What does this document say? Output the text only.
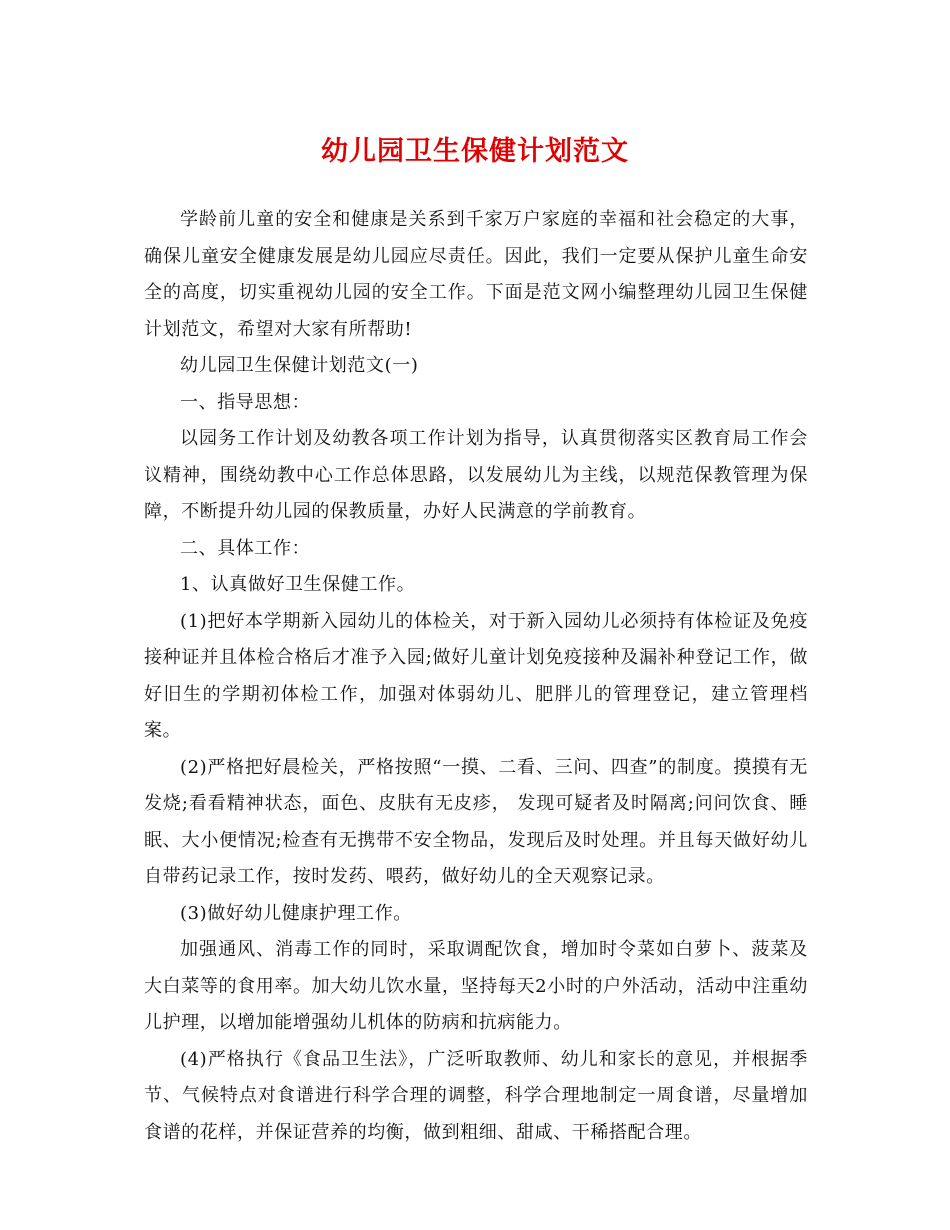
幼儿园卫生保健计划范文

学龄前儿童的安全和健康是关系到千家万户家庭的幸福和社会稳定的大事，确保儿童安全健康发展是幼儿园应尽责任。因此，我们一定要从保护儿童生命安全的高度，切实重视幼儿园的安全工作。下面是范文网小编整理幼儿园卫生保健计划范文，希望对大家有所帮助!

幼儿园卫生保健计划范文(一)

一、指导思想：

以园务工作计划及幼教各项工作计划为指导，认真贯彻落实区教育局工作会议精神，围绕幼教中心工作总体思路，以发展幼儿为主线，以规范保教管理为保障，不断提升幼儿园的保教质量，办好人民满意的学前教育。

二、具体工作：

1、认真做好卫生保健工作。

(1)把好本学期新入园幼儿的体检关，对于新入园幼儿必须持有体检证及免疫接种证并且体检合格后才准予入园;做好儿童计划免疫接种及漏补种登记工作，做好旧生的学期初体检工作，加强对体弱幼儿、肥胖儿的管理登记，建立管理档案。

(2)严格把好晨检关，严格按照“一摸、二看、三问、四查”的制度。摸摸有无发烧;看看精神状态，面色、皮肤有无皮疹， 发现可疑者及时隔离;问问饮食、睡眠、大小便情况;检查有无携带不安全物品，发现后及时处理。并且每天做好幼儿自带药记录工作，按时发药、喂药，做好幼儿的全天观察记录。

(3)做好幼儿健康护理工作。

加强通风、消毒工作的同时，采取调配饮食，增加时令菜如白萝卜、菠菜及大白菜等的食用率。加大幼儿饮水量，坚持每天2小时的户外活动，活动中注重幼儿护理，以增加能增强幼儿机体的防病和抗病能力。

(4)严格执行《食品卫生法》，广泛听取教师、幼儿和家长的意见，并根据季节、气候特点对食谱进行科学合理的调整，科学合理地制定一周食谱，尽量增加食谱的花样，并保证营养的均衡，做到粗细、甜咸、干稀搭配合理。
